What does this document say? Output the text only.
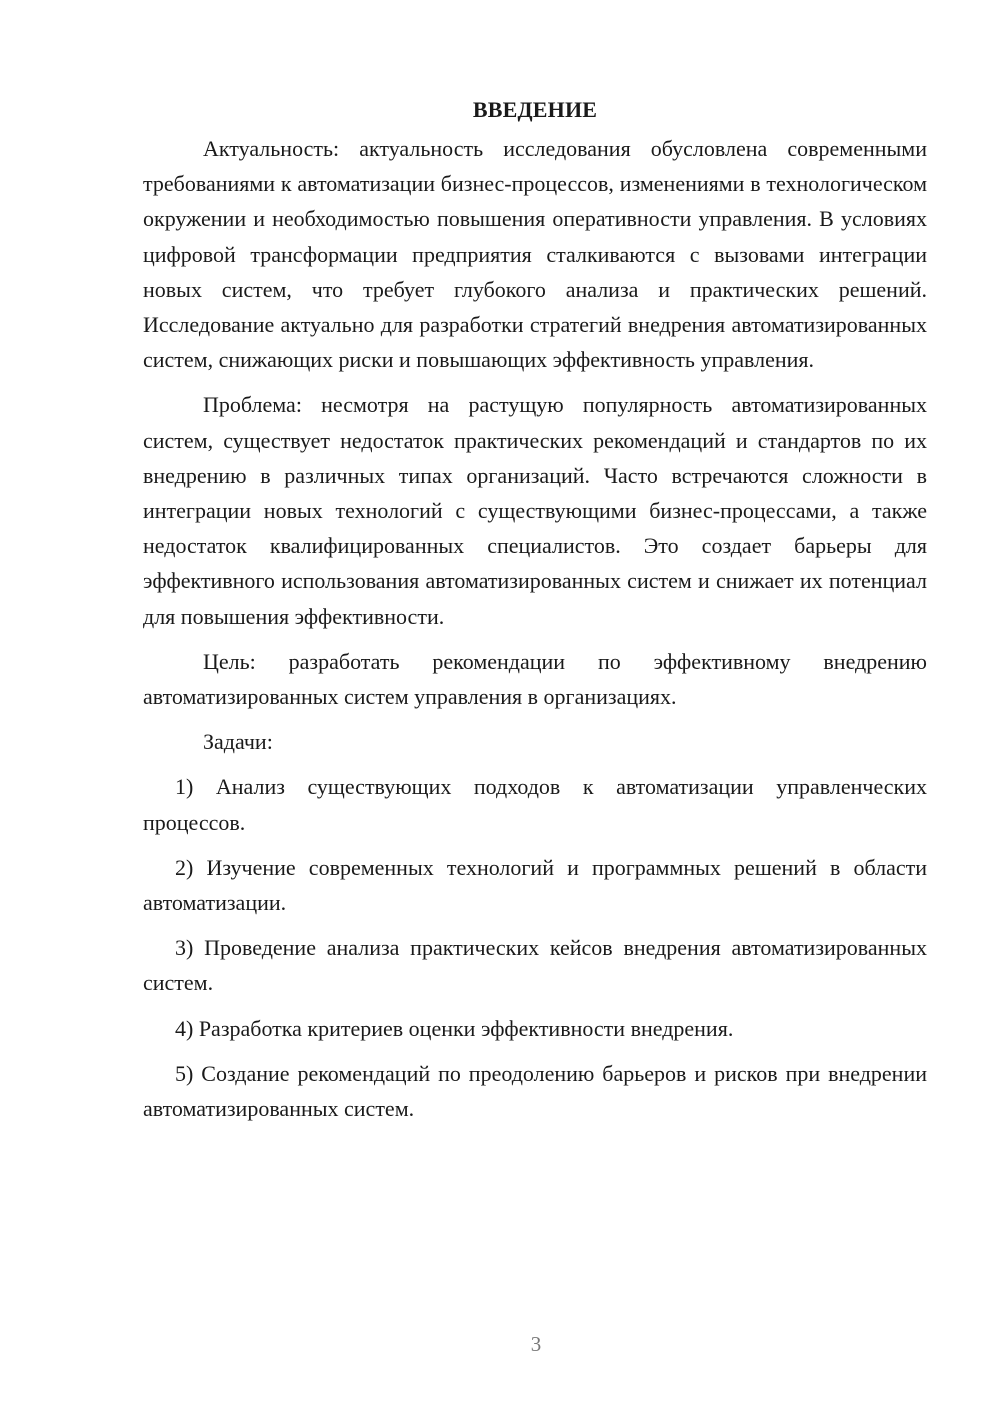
ВВЕДЕНИЕ

Актуальность: актуальность исследования обусловлена современными требованиями к автоматизации бизнес-процессов, изменениями в технологическом окружении и необходимостью повышения оперативности управления. В условиях цифровой трансформации предприятия сталкиваются с вызовами интеграции новых систем, что требует глубокого анализа и практических решений. Исследование актуально для разработки стратегий внедрения автоматизированных систем, снижающих риски и повышающих эффективность управления.

Проблема: несмотря на растущую популярность автоматизированных систем, существует недостаток практических рекомендаций и стандартов по их внедрению в различных типах организаций. Часто встречаются сложности в интеграции новых технологий с существующими бизнес-процессами, а также недостаток квалифицированных специалистов. Это создает барьеры для эффективного использования автоматизированных систем и снижает их потенциал для повышения эффективности.

Цель: разработать рекомендации по эффективному внедрению автоматизированных систем управления в организациях.

Задачи:

1) Анализ существующих подходов к автоматизации управленческих процессов.

2) Изучение современных технологий и программных решений в области автоматизации.

3) Проведение анализа практических кейсов внедрения автоматизированных систем.

4) Разработка критериев оценки эффективности внедрения.

5) Создание рекомендаций по преодолению барьеров и рисков при внедрении автоматизированных систем.

3
